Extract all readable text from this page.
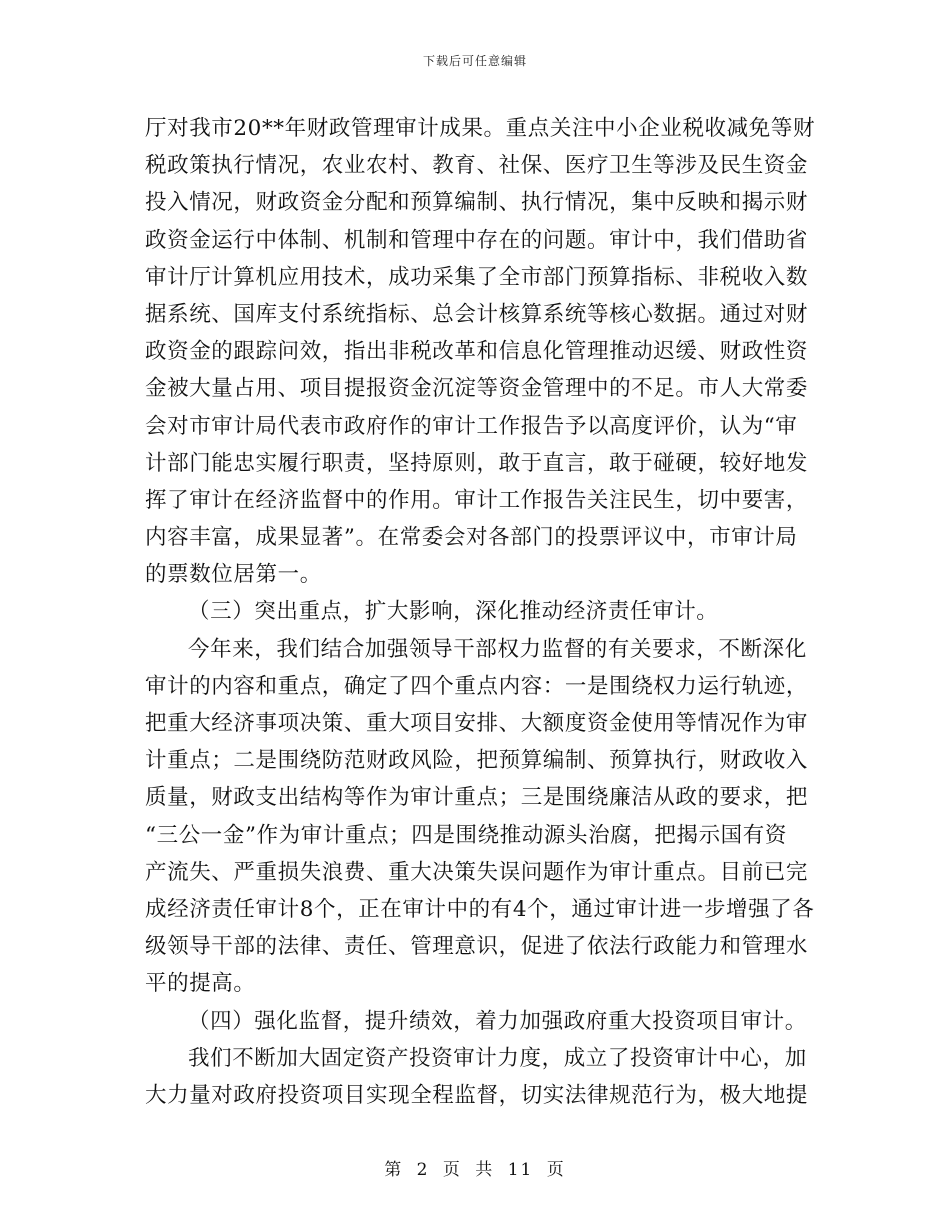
下载后可任意编辑
厅对我市20**年财政管理审计成果。重点关注中小企业税收减免等财
税政策执行情况，农业农村、教育、社保、医疗卫生等涉及民生资金
投入情况，财政资金分配和预算编制、执行情况，集中反映和揭示财
政资金运行中体制、机制和管理中存在的问题。审计中，我们借助省
审计厅计算机应用技术，成功采集了全市部门预算指标、非税收入数
据系统、国库支付系统指标、总会计核算系统等核心数据。通过对财
政资金的跟踪问效，指出非税改革和信息化管理推动迟缓、财政性资
金被大量占用、项目提报资金沉淀等资金管理中的不足。市人大常委
会对市审计局代表市政府作的审计工作报告予以高度评价，认为“审
计部门能忠实履行职责，坚持原则，敢于直言，敢于碰硬，较好地发
挥了审计在经济监督中的作用。审计工作报告关注民生，切中要害，
内容丰富，成果显著”。在常委会对各部门的投票评议中，市审计局
的票数位居第一。
（三）突出重点，扩大影响，深化推动经济责任审计。
今年来，我们结合加强领导干部权力监督的有关要求，不断深化
审计的内容和重点，确定了四个重点内容：一是围绕权力运行轨迹，
把重大经济事项决策、重大项目安排、大额度资金使用等情况作为审
计重点；二是围绕防范财政风险，把预算编制、预算执行，财政收入
质量，财政支出结构等作为审计重点；三是围绕廉洁从政的要求，把
“三公一金”作为审计重点；四是围绕推动源头治腐，把揭示国有资
产流失、严重损失浪费、重大决策失误问题作为审计重点。目前已完
成经济责任审计8个，正在审计中的有4个，通过审计进一步增强了各
级领导干部的法律、责任、管理意识，促进了依法行政能力和管理水
平的提高。
（四）强化监督，提升绩效，着力加强政府重大投资项目审计。
我们不断加大固定资产投资审计力度，成立了投资审计中心，加
大力量对政府投资项目实现全程监督，切实法律规范行为，极大地提
第 2 页 共 11 页
